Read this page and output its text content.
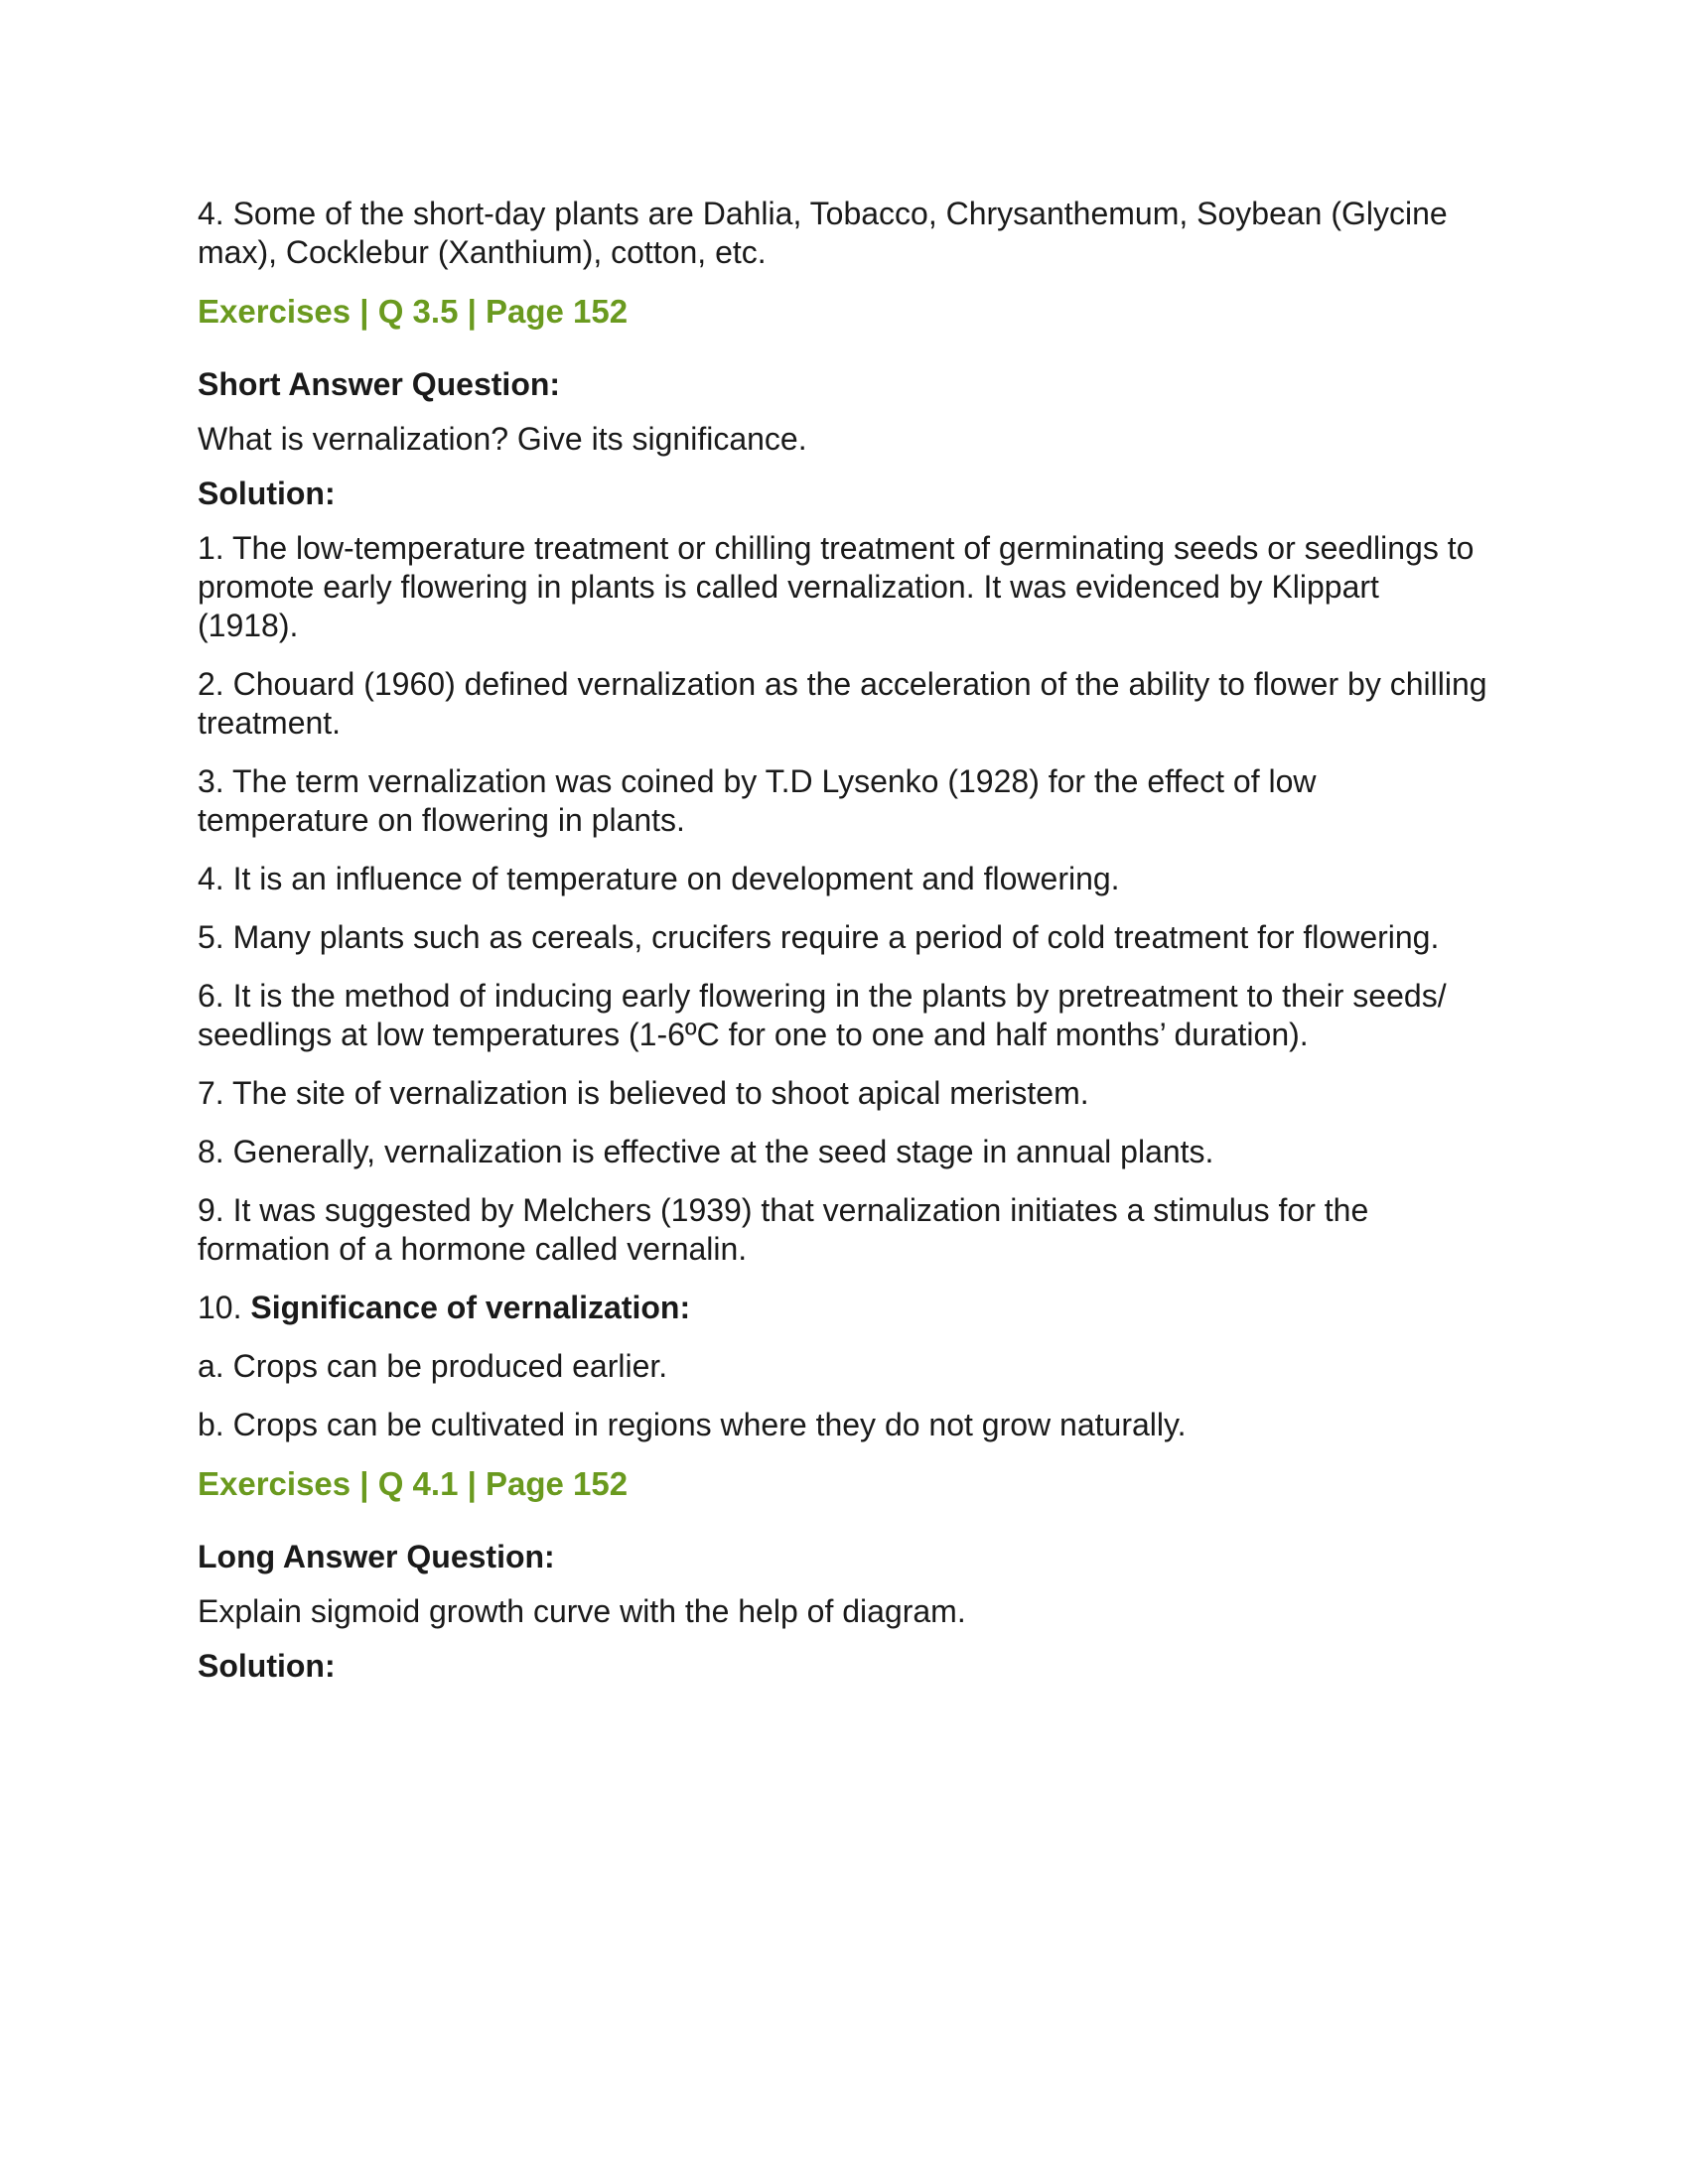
4. Some of the short-day plants are Dahlia, Tobacco, Chrysanthemum, Soybean (Glycine max), Cocklebur (Xanthium), cotton, etc.

Exercises | Q 3.5 | Page 152

Short Answer Question:

What is vernalization? Give its significance.

Solution:

1. The low-temperature treatment or chilling treatment of germinating seeds or seedlings to promote early flowering in plants is called vernalization. It was evidenced by Klippart (1918).

2. Chouard (1960) defined vernalization as the acceleration of the ability to flower by chilling treatment.

3. The term vernalization was coined by T.D Lysenko (1928) for the effect of low temperature on flowering in plants.

4. It is an influence of temperature on development and flowering.

5. Many plants such as cereals, crucifers require a period of cold treatment for flowering.

6. It is the method of inducing early flowering in the plants by pretreatment to their seeds/ seedlings at low temperatures (1-6ºC for one to one and half months’ duration).

7. The site of vernalization is believed to shoot apical meristem.

8. Generally, vernalization is effective at the seed stage in annual plants.

9. It was suggested by Melchers (1939) that vernalization initiates a stimulus for the formation of a hormone called vernalin.

10. Significance of vernalization:

a. Crops can be produced earlier.

b. Crops can be cultivated in regions where they do not grow naturally.

Exercises | Q 4.1 | Page 152

Long Answer Question:

Explain sigmoid growth curve with the help of diagram.

Solution:
